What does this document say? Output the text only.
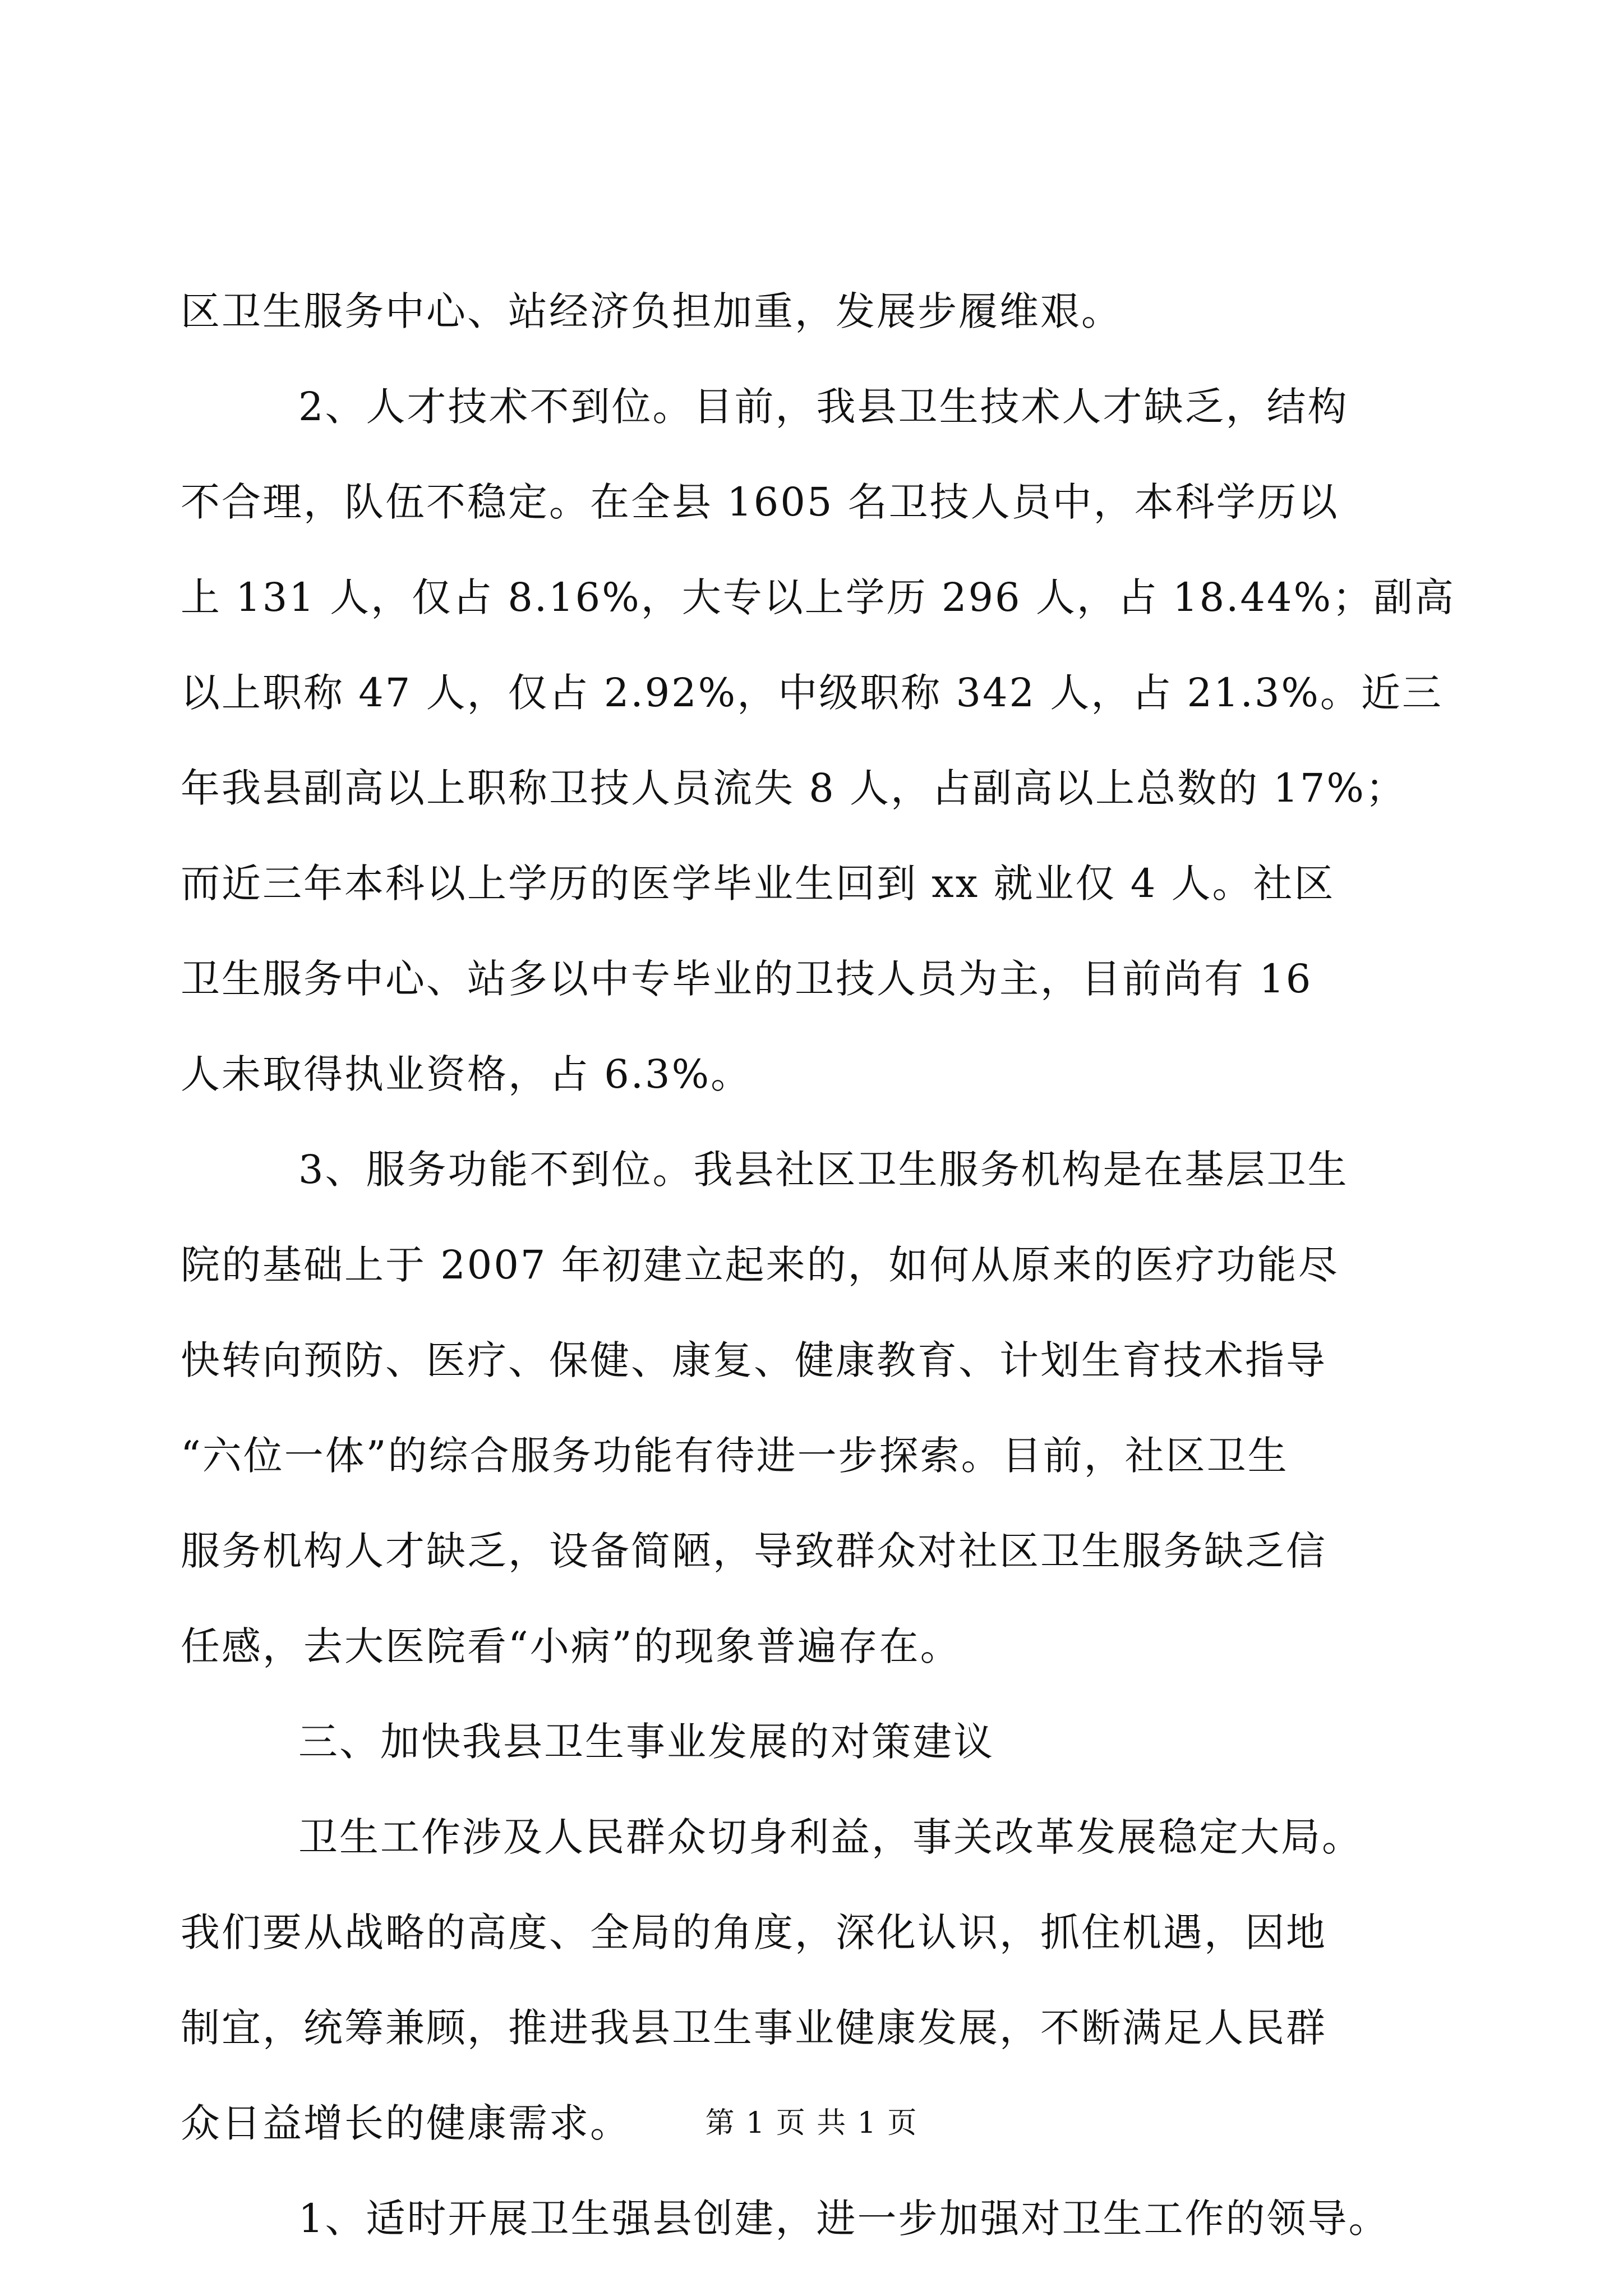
区卫生服务中心、站经济负担加重，发展步履维艰。
2、人才技术不到位。目前，我县卫生技术人才缺乏，结构
不合理，队伍不稳定。在全县 1605 名卫技人员中，本科学历以
上 131 人，仅占 8.16%，大专以上学历 296 人，占 18.44%；副高
以上职称 47 人，仅占 2.92%，中级职称 342 人，占 21.3%。近三
年我县副高以上职称卫技人员流失 8 人，占副高以上总数的 17%；
而近三年本科以上学历的医学毕业生回到 xx 就业仅 4 人。社区
卫生服务中心、站多以中专毕业的卫技人员为主，目前尚有 16
人未取得执业资格，占 6.3%。
3、服务功能不到位。我县社区卫生服务机构是在基层卫生
院的基础上于 2007 年初建立起来的，如何从原来的医疗功能尽
快转向预防、医疗、保健、康复、健康教育、计划生育技术指导
“六位一体”的综合服务功能有待进一步探索。目前，社区卫生
服务机构人才缺乏，设备简陋，导致群众对社区卫生服务缺乏信
任感，去大医院看“小病”的现象普遍存在。
三、加快我县卫生事业发展的对策建议
卫生工作涉及人民群众切身利益，事关改革发展稳定大局。
我们要从战略的高度、全局的角度，深化认识，抓住机遇，因地
制宜，统筹兼顾，推进我县卫生事业健康发展，不断满足人民群
众日益增长的健康需求。
1、适时开展卫生强县创建，进一步加强对卫生工作的领导。
第 1 页 共 1 页
